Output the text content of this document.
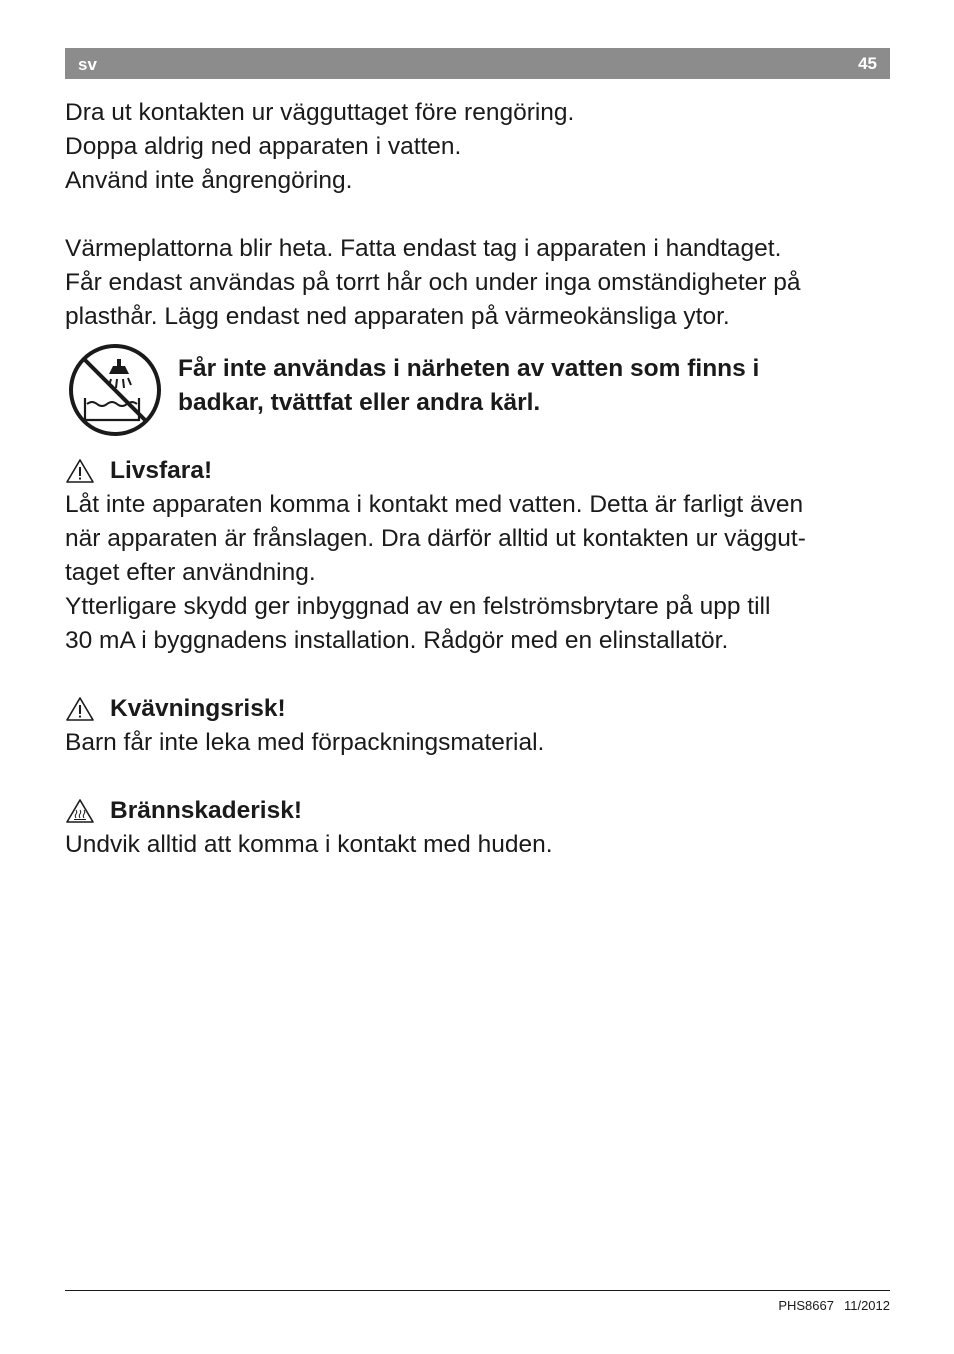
sv	45

Dra ut kontakten ur vägguttaget före rengöring.
Doppa aldrig ned apparaten i vatten.
Använd inte ångrengöring.

Värmeplattorna blir heta. Fatta endast tag i apparaten i handtaget.
Får endast användas på torrt hår och under inga omständigheter på
plasthår. Lägg endast ned apparaten på värmeokänsliga ytor.

Får inte användas i närheten av vatten som finns i
badkar, tvättfat eller andra kärl.
Livsfara!

Låt inte apparaten komma i kontakt med vatten. Detta är farligt även
när apparaten är frånslagen. Dra därför alltid ut kontakten ur väggut-
taget efter användning.
Ytterligare skydd ger inbyggnad av en felströmsbrytare på upp till
30 mA i byggnadens installation. Rådgör med en elinstallatör.

Kvävningsrisk!

Barn får inte leka med förpackningsmaterial.

Brännskaderisk!

Undvik alltid att komma i kontakt med huden.

PHS8667 11/2012
